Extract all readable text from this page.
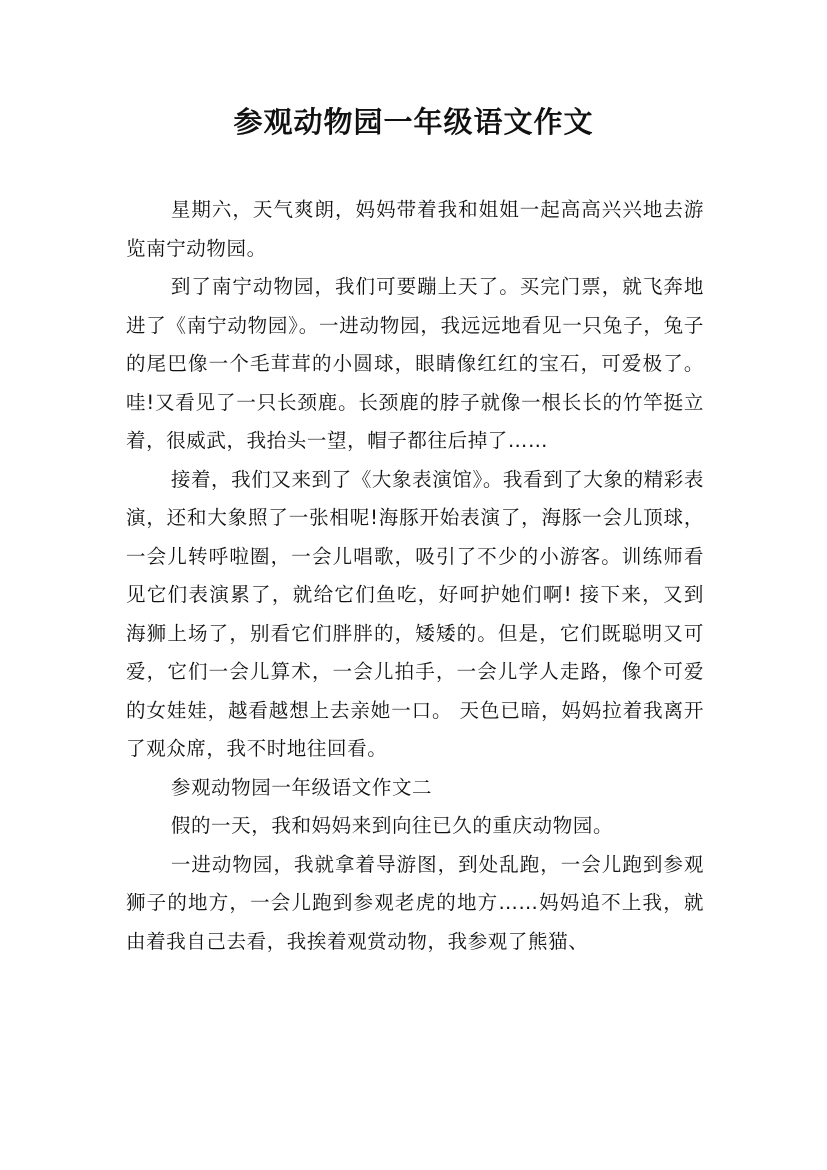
参观动物园一年级语文作文

星期六，天气爽朗，妈妈带着我和姐姐一起高高兴兴地去游览南宁动物园。

到了南宁动物园，我们可要蹦上天了。买完门票，就飞奔地进了《南宁动物园》。一进动物园，我远远地看见一只兔子，兔子的尾巴像一个毛茸茸的小圆球，眼睛像红红的宝石，可爱极了。哇!又看见了一只长颈鹿。长颈鹿的脖子就像一根长长的竹竿挺立着，很威武，我抬头一望，帽子都往后掉了……

接着，我们又来到了《大象表演馆》。我看到了大象的精彩表演，还和大象照了一张相呢!海豚开始表演了，海豚一会儿顶球，一会儿转呼啦圈，一会儿唱歌，吸引了不少的小游客。训练师看见它们表演累了，就给它们鱼吃，好呵护她们啊! 接下来，又到海狮上场了，别看它们胖胖的，矮矮的。但是，它们既聪明又可爱，它们一会儿算术，一会儿拍手，一会儿学人走路，像个可爱的女娃娃，越看越想上去亲她一口。 天色已暗，妈妈拉着我离开了观众席，我不时地往回看。

参观动物园一年级语文作文二

假的一天，我和妈妈来到向往已久的重庆动物园。

一进动物园，我就拿着导游图，到处乱跑，一会儿跑到参观狮子的地方，一会儿跑到参观老虎的地方……妈妈追不上我，就由着我自己去看，我挨着观赏动物，我参观了熊猫、
